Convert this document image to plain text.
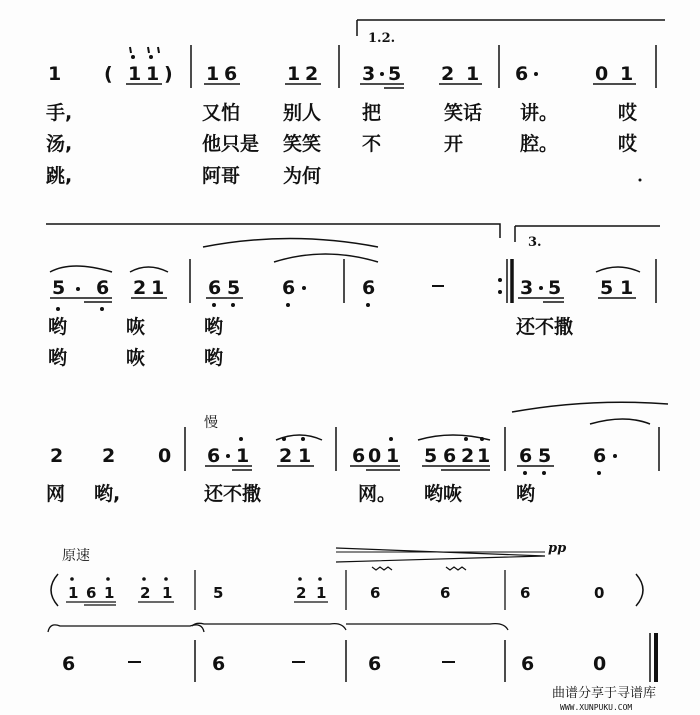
1.2.
1 ( 1 1 ) 1 6	1 2 3 5 2 1 6	0 1
手,	又怕 别人 把	笑话 讲。	哎
汤,	他只是 笑笑 不	开	腔。	哎
跳,	阿哥 为何
3.
5 6 2 1 6 5 6	6	3 5 5 1
哟	咴	哟	还不撒
哟	咴	哟
慢
2 2 0 6 1 2 1 6 0 1 5 6 2 1 6 5 6
网 哟,	还不撒	网。 哟咴	哟
原速	pp
1 6 1 2 1	5	2 1	6	6	6	0
6	6	6	6	0
曲谱分享于寻谱库
WWW.XUNPUKU.COM
